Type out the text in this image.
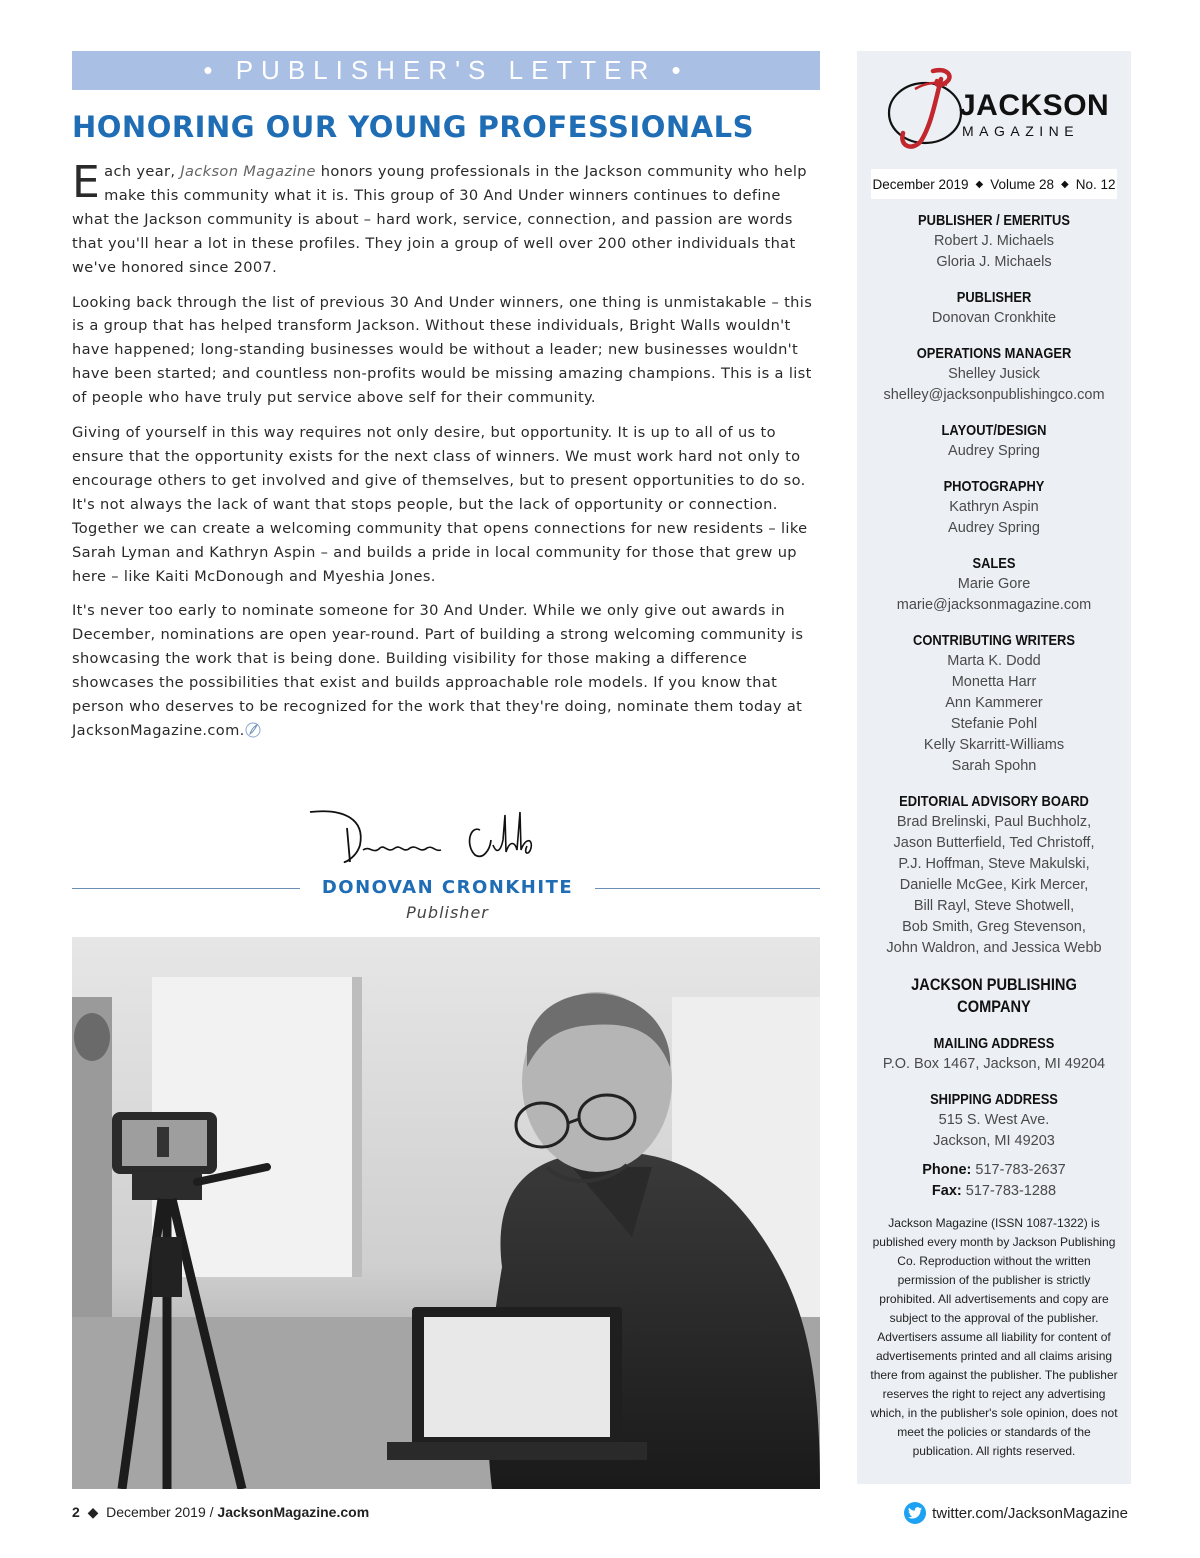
• PUBLISHER'S LETTER •
HONORING OUR YOUNG PROFESSIONALS

Each year, Jackson Magazine honors young professionals in the Jackson community who help make this community what it is. This group of 30 And Under winners continues to define what the Jackson community is about – hard work, service, connection, and passion are words that you'll hear a lot in these profiles. They join a group of well over 200 other individuals that we've honored since 2007.

Looking back through the list of previous 30 And Under winners, one thing is unmistakable – this is a group that has helped transform Jackson. Without these individuals, Bright Walls wouldn't have happened; long-standing businesses would be without a leader; new businesses wouldn't have been started; and countless non-profits would be missing amazing champions. This is a list of people who have truly put service above self for their community.

Giving of yourself in this way requires not only desire, but opportunity. It is up to all of us to ensure that the opportunity exists for the next class of winners. We must work hard not only to encourage others to get involved and give of themselves, but to present opportunities to do so. It's not always the lack of want that stops people, but the lack of opportunity or connection. Together we can create a welcoming community that opens connections for new residents – like Sarah Lyman and Kathryn Aspin – and builds a pride in local community for those that grew up here – like Kaiti McDonough and Myeshia Jones.

It's never too early to nominate someone for 30 And Under. While we only give out awards in December, nominations are open year-round. Part of building a strong welcoming community is showcasing the work that is being done. Building visibility for those making a difference showcases the possibilities that exist and builds approachable role models. If you know that person who deserves to be recognized for the work that they're doing, nominate them today at JacksonMagazine.com.

DONOVAN CRONKHITE
Publisher
2  ◆  December 2019 / JacksonMagazine.com	twitter.com/JacksonMagazine
JACKSON
MAGAZINE
December 2019 ◆ Volume 28 ◆ No. 12
PUBLISHER / EMERITUS
Robert J. Michaels
Gloria J. Michaels
PUBLISHER
Donovan Cronkhite
OPERATIONS MANAGER
Shelley Jusick
shelley@jacksonpublishingco.com
LAYOUT/DESIGN
Audrey Spring
PHOTOGRAPHY
Kathryn Aspin
Audrey Spring
SALES
Marie Gore
marie@jacksonmagazine.com
CONTRIBUTING WRITERS
Marta K. Dodd
Monetta Harr
Ann Kammerer
Stefanie Pohl
Kelly Skarritt-Williams
Sarah Spohn
EDITORIAL ADVISORY BOARD
Brad Brelinski, Paul Buchholz,
Jason Butterfield, Ted Christoff,
P.J. Hoffman, Steve Makulski,
Danielle McGee, Kirk Mercer,
Bill Rayl, Steve Shotwell,
Bob Smith, Greg Stevenson,
John Waldron, and Jessica Webb
JACKSON PUBLISHING COMPANY
MAILING ADDRESS
P.O. Box 1467, Jackson, MI 49204
SHIPPING ADDRESS
515 S. West Ave.
Jackson, MI 49203
Phone: 517-783-2637
Fax: 517-783-1288
Jackson Magazine (ISSN 1087-1322) is published every month by Jackson Publishing Co. Reproduction without the written permission of the publisher is strictly prohibited. All advertisements and copy are subject to the approval of the publisher. Advertisers assume all liability for content of advertisements printed and all claims arising there from against the publisher. The publisher reserves the right to reject any advertising which, in the publisher's sole opinion, does not meet the policies or standards of the publication. All rights reserved.
